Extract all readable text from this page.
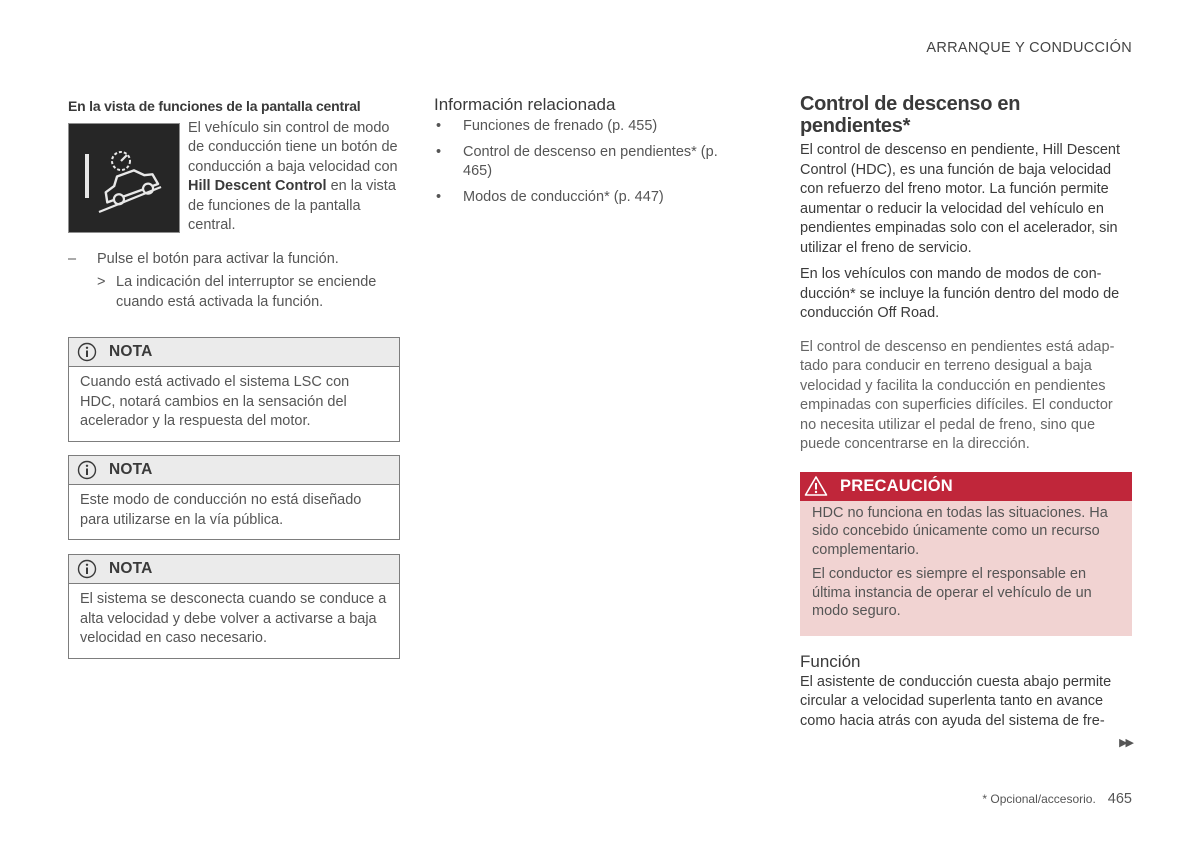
ARRANQUE Y CONDUCCIÓN
En la vista de funciones de la pantalla central
El vehículo sin control de modo de conducción tiene un botón de conducción a baja velocidad con Hill Descent Control en la vista de funciones de la pantalla central.
–	Pulse el botón para activar la función.
> La indicación del interruptor se enciende cuando está activada la función.
NOTA
Cuando está activado el sistema LSC con HDC, notará cambios en la sensación del acelerador y la respuesta del motor.
NOTA
Este modo de conducción no está diseñado para utilizarse en la vía pública.
NOTA
El sistema se desconecta cuando se conduce a alta velocidad y debe volver a activarse a baja velocidad en caso necesario.
Información relacionada
•	Funciones de frenado (p. 455)
•	Control de descenso en pendientes* (p. 465)
•	Modos de conducción* (p. 447)
Control de descenso en pendientes*
El control de descenso en pendiente, Hill Descent Control (HDC), es una función de baja velocidad con refuerzo del freno motor. La función permite aumentar o reducir la velocidad del vehículo en pendientes empinadas solo con el acelerador, sin utilizar el freno de servicio.
En los vehículos con mando de modos de conducción* se incluye la función dentro del modo de conducción Off Road.
El control de descenso en pendientes está adaptado para conducir en terreno desigual a baja velocidad y facilita la conducción en pendientes empinadas con superficies difíciles. El conductor no necesita utilizar el pedal de freno, sino que puede concentrarse en la dirección.
PRECAUCIÓN
HDC no funciona en todas las situaciones. Ha sido concebido únicamente como un recurso complementario.
El conductor es siempre el responsable en última instancia de operar el vehículo de un modo seguro.
Función
El asistente de conducción cuesta abajo permite circular a velocidad superlenta tanto en avance como hacia atrás con ayuda del sistema de fre-
▶▶
* Opcional/accesorio. 465
